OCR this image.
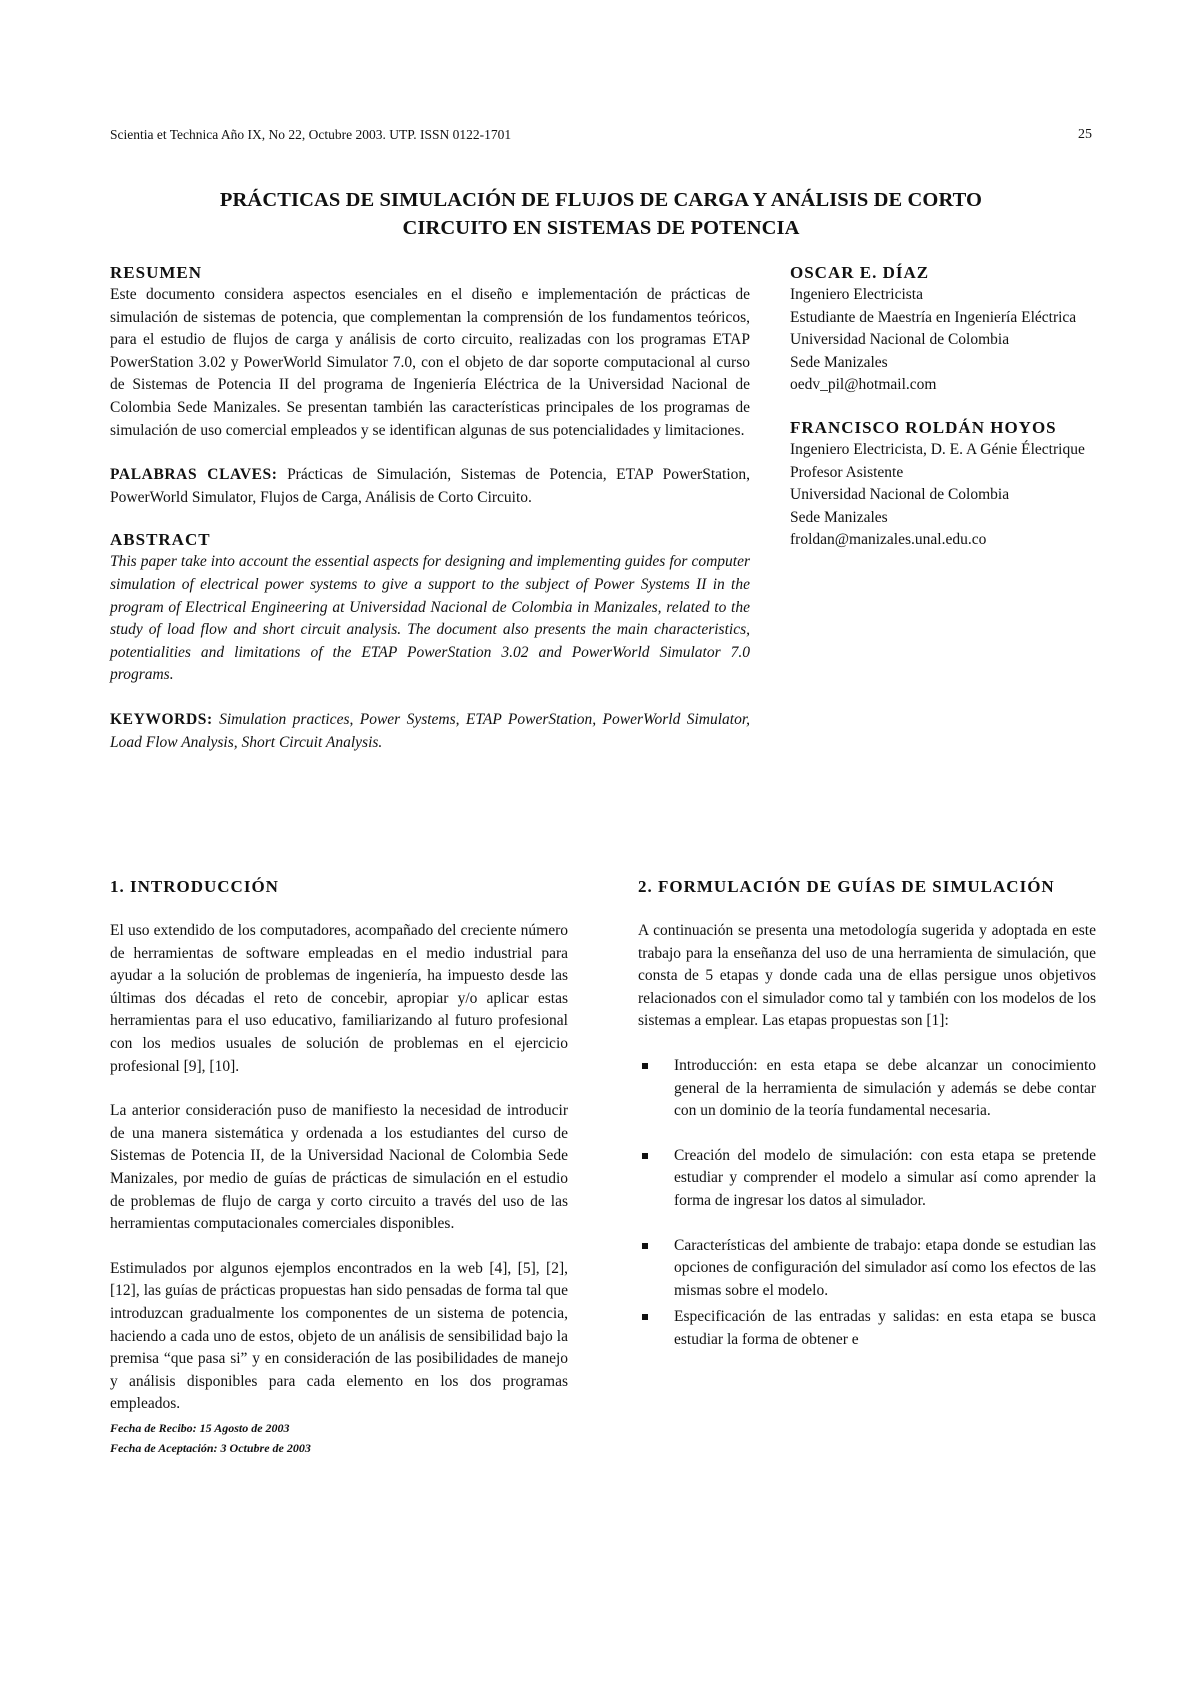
Scientia et Technica Año IX, No 22, Octubre 2003. UTP. ISSN 0122-1701	25
PRÁCTICAS DE SIMULACIÓN DE FLUJOS DE CARGA Y ANÁLISIS DE CORTO
CIRCUITO EN SISTEMAS DE POTENCIA

RESUMEN

Este documento considera aspectos esenciales en el diseño e implementación de prácticas de simulación de sistemas de potencia, que complementan la comprensión de los fundamentos teóricos, para el estudio de flujos de carga y análisis de corto circuito, realizadas con los programas ETAP PowerStation 3.02 y PowerWorld Simulator 7.0, con el objeto de dar soporte computacional al curso de Sistemas de Potencia II del programa de Ingeniería Eléctrica de la Universidad Nacional de Colombia Sede Manizales. Se presentan también las características principales de los programas de simulación de uso comercial empleados y se identifican algunas de sus potencialidades y limitaciones.

PALABRAS CLAVES: Prácticas de Simulación, Sistemas de Potencia, ETAP PowerStation, PowerWorld Simulator, Flujos de Carga, Análisis de Corto Circuito.

ABSTRACT

This paper take into account the essential aspects for designing and implementing guides for computer simulation of electrical power systems to give a support to the subject of Power Systems II in the program of Electrical Engineering at Universidad Nacional de Colombia in Manizales, related to the study of load flow and short circuit analysis. The document also presents the main characteristics, potentialities and limitations of the ETAP PowerStation 3.02 and PowerWorld Simulator 7.0 programs.

KEYWORDS: Simulation practices, Power Systems, ETAP PowerStation, PowerWorld Simulator, Load Flow Analysis, Short Circuit Analysis.

OSCAR E. DÍAZ
Ingeniero Electricista
Estudiante de Maestría en Ingeniería Eléctrica
Universidad Nacional de Colombia
Sede Manizales
oedv_pil@hotmail.com
FRANCISCO ROLDÁN HOYOS
Ingeniero Electricista, D. E. A Génie Électrique
Profesor Asistente
Universidad Nacional de Colombia
Sede Manizales
froldan@manizales.unal.edu.co

1. INTRODUCCIÓN

El uso extendido de los computadores, acompañado del creciente número de herramientas de software empleadas en el medio industrial para ayudar a la solución de problemas de ingeniería, ha impuesto desde las últimas dos décadas el reto de concebir, apropiar y/o aplicar estas herramientas para el uso educativo, familiarizando al futuro profesional con los medios usuales de solución de problemas en el ejercicio profesional [9], [10].

La anterior consideración puso de manifiesto la necesidad de introducir de una manera sistemática y ordenada a los estudiantes del curso de Sistemas de Potencia II, de la Universidad Nacional de Colombia Sede Manizales, por medio de guías de prácticas de simulación en el estudio de problemas de flujo de carga y corto circuito a través del uso de las herramientas computacionales comerciales disponibles.

Estimulados por algunos ejemplos encontrados en la web [4], [5], [2], [12], las guías de prácticas propuestas han sido pensadas de forma tal que introduzcan gradualmente los componentes de un sistema de potencia, haciendo a cada uno de estos, objeto de un análisis de sensibilidad bajo la premisa “que pasa si” y en consideración de las posibilidades de manejo y análisis disponibles para cada elemento en los dos programas empleados.

Fecha de Recibo: 15 Agosto de 2003
Fecha de Aceptación: 3 Octubre de 2003

2. FORMULACIÓN DE GUÍAS DE SIMULACIÓN

A continuación se presenta una metodología sugerida y adoptada en este trabajo para la enseñanza del uso de una herramienta de simulación, que consta de 5 etapas y donde cada una de ellas persigue unos objetivos relacionados con el simulador como tal y también con los modelos de los sistemas a emplear. Las etapas propuestas son [1]:

Introducción: en esta etapa se debe alcanzar un conocimiento general de la herramienta de simulación y además se debe contar con un dominio de la teoría fundamental necesaria.
Creación del modelo de simulación: con esta etapa se pretende estudiar y comprender el modelo a simular así como aprender la forma de ingresar los datos al simulador.
Características del ambiente de trabajo: etapa donde se estudian las opciones de configuración del simulador así como los efectos de las mismas sobre el modelo.
Especificación de las entradas y salidas: en esta etapa se busca estudiar la forma de obtener e
